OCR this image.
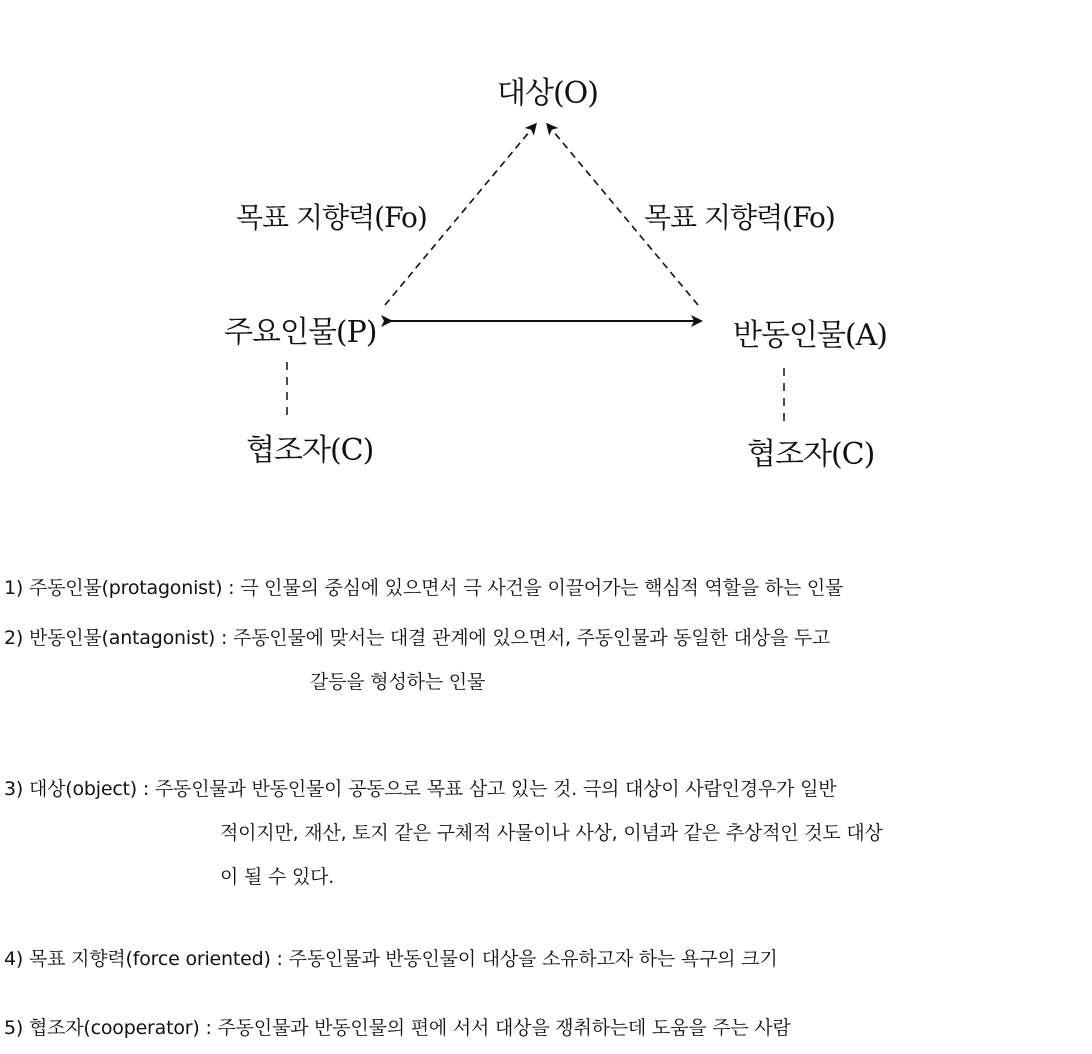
대상(O)
목표 지향력(Fo)	목표 지향력(Fo)
주요인물(P)	반동인물(A)
협조자(C)	협조자(C)
1) 주동인물(protagonist) : 극 인물의 중심에 있으면서 극 사건을 이끌어가는 핵심적 역할을 하는 인물
2) 반동인물(antagonist) : 주동인물에 맞서는 대결 관계에 있으면서, 주동인물과 동일한 대상을 두고
갈등을 형성하는 인물
3) 대상(object) : 주동인물과 반동인물이 공동으로 목표 삼고 있는 것. 극의 대상이 사람인경우가 일반
적이지만, 재산, 토지 같은 구체적 사물이나 사상, 이념과 같은 추상적인 것도 대상
이 될 수 있다.
4) 목표 지향력(force oriented) : 주동인물과 반동인물이 대상을 소유하고자 하는 욕구의 크기
5) 협조자(cooperator) : 주동인물과 반동인물의 편에 서서 대상을 쟁취하는데 도움을 주는 사람
